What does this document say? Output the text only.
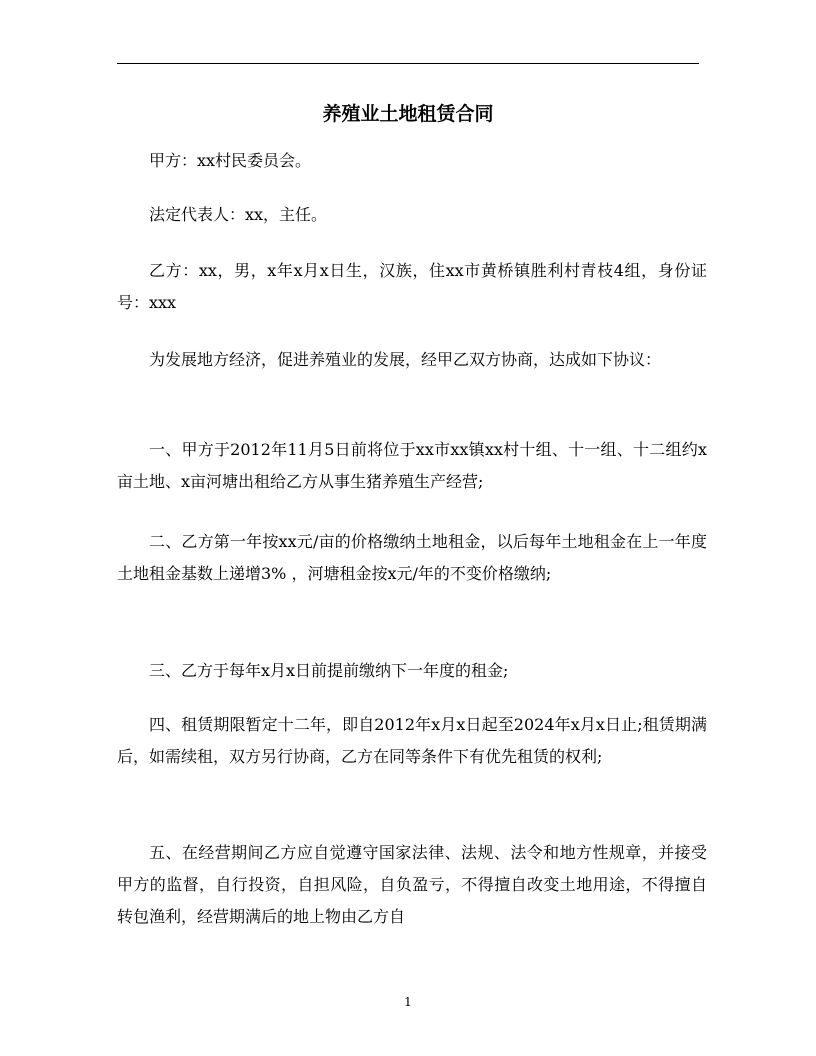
养殖业土地租赁合同

甲方：xx村民委员会。

法定代表人：xx，主任。

乙方：xx，男，x年x月x日生，汉族，住xx市黄桥镇胜利村青枝4组，身份证号：xxx

为发展地方经济，促进养殖业的发展，经甲乙双方协商，达成如下协议：

一、甲方于2012年11月5日前将位于xx市xx镇xx村十组、十一组、十二组约x亩土地、x亩河塘出租给乙方从事生猪养殖生产经营;

二、乙方第一年按xx元/亩的价格缴纳土地租金，以后每年土地租金在上一年度土地租金基数上递增3% ，河塘租金按x元/年的不变价格缴纳;

三、乙方于每年x月x日前提前缴纳下一年度的租金;

四、租赁期限暂定十二年，即自2012年x月x日起至2024年x月x日止;租赁期满后，如需续租，双方另行协商，乙方在同等条件下有优先租赁的权利;

五、在经营期间乙方应自觉遵守国家法律、法规、法令和地方性规章，并接受甲方的监督，自行投资，自担风险，自负盈亏，不得擅自改变土地用途，不得擅自转包渔利，经营期满后的地上物由乙方自

1
